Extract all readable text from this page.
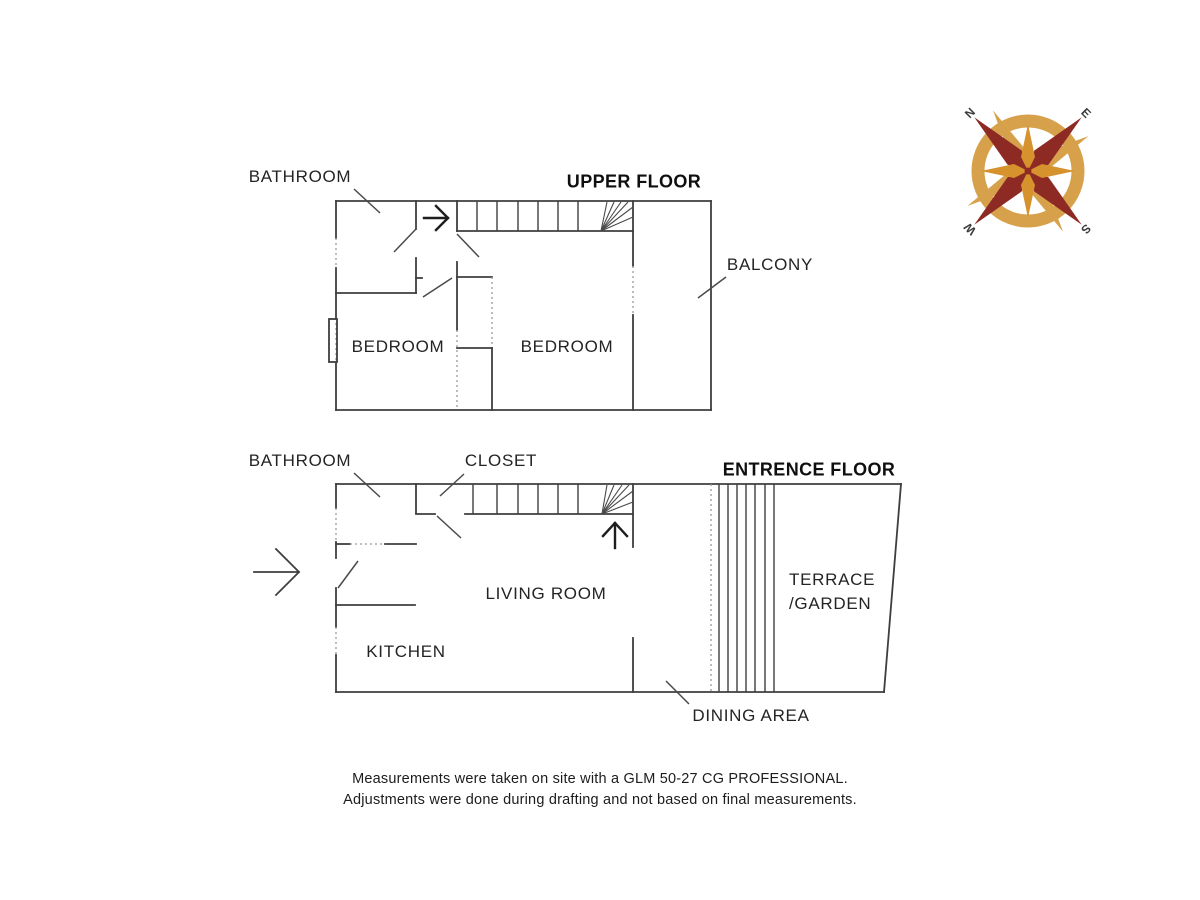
N	E
S
W
BATHROOM	UPPER FLOOR
BALCONY
BEDROOM	BEDROOM
BATHROOM	CLOSET	ENTRENCE FLOOR
LIVING ROOM
KITCHEN
TERRACE
/GARDEN
DINING AREA
Measurements were taken on site with a GLM 50-27 CG PROFESSIONAL.
Adjustments were done during drafting and not based on final measurements.
